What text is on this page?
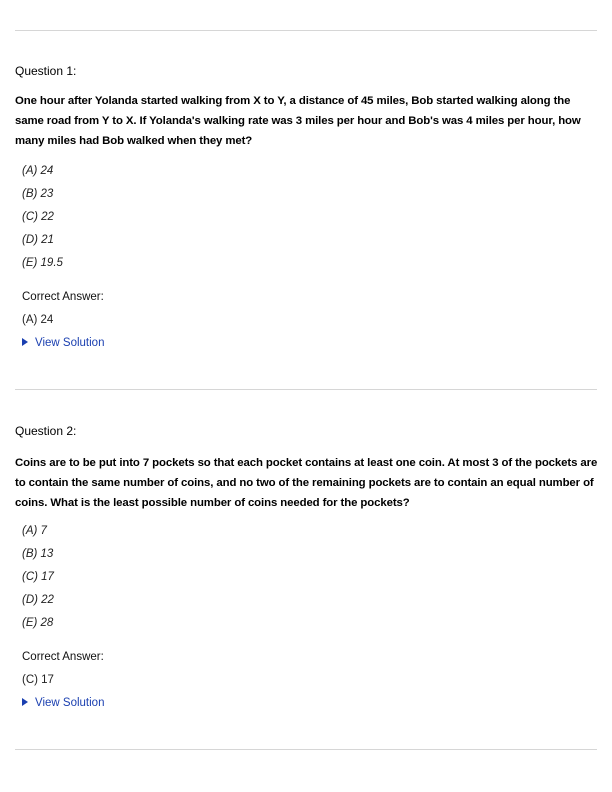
Question 1:
One hour after Yolanda started walking from X to Y, a distance of 45 miles, Bob started walking along the same road from Y to X. If Yolanda's walking rate was 3 miles per hour and Bob's was 4 miles per hour, how many miles had Bob walked when they met?
(A) 24
(B) 23
(C) 22
(D) 21
(E) 19.5
Correct Answer:
(A) 24
View Solution
Question 2:
Coins are to be put into 7 pockets so that each pocket contains at least one coin. At most 3 of the pockets are to contain the same number of coins, and no two of the remaining pockets are to contain an equal number of coins. What is the least possible number of coins needed for the pockets?
(A) 7
(B) 13
(C) 17
(D) 22
(E) 28
Correct Answer:
(C) 17
View Solution
